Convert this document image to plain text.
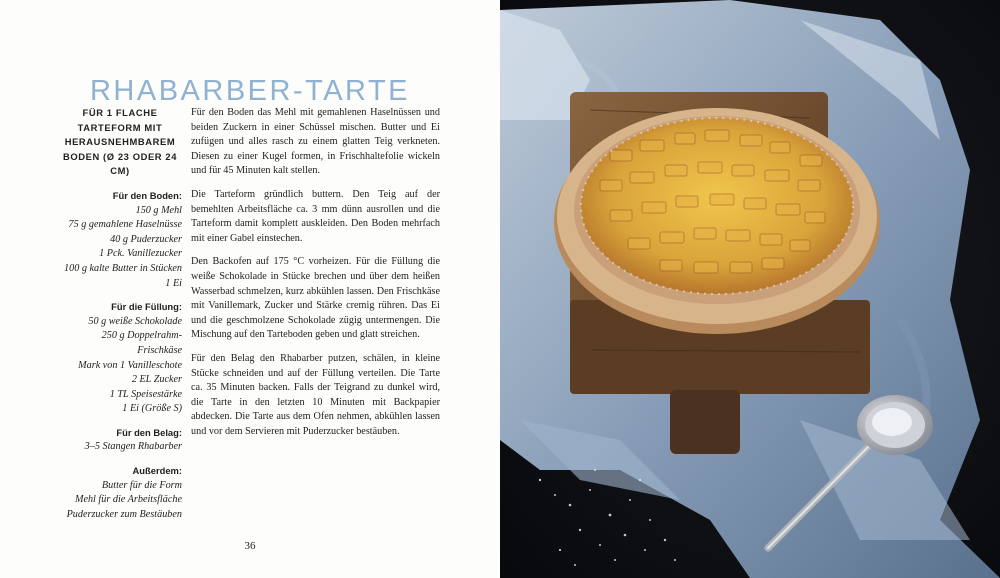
RHABARBER-TARTE
FÜR 1 FLACHE TARTEFORM MIT HERAUSNEHMBAREM BODEN (Ø 23 ODER 24 CM)
Für den Boden:
150 g Mehl
75 g gemahlene Haselnüsse
40 g Puderzucker
1 Pck. Vanillezucker
100 g kalte Butter in Stücken
1 Ei
Für die Füllung:
50 g weiße Schokolade
250 g Doppelrahm-Frischkäse
Mark von 1 Vanilleschote
2 EL Zucker
1 TL Speisestärke
1 Ei (Größe S)
Für den Belag:
3–5 Stangen Rhabarber
Außerdem:
Butter für die Form
Mehl für die Arbeitsfläche
Puderzucker zum Bestäuben

Für den Boden das Mehl mit gemahlenen Haselnüssen und beiden Zuckern in einer Schüssel mischen. Butter und Ei zufügen und alles rasch zu einem glatten Teig verkneten. Diesen zu einer Kugel formen, in Frischhaltefolie wickeln und für 45 Minuten kalt stellen.

Die Tarteform gründlich buttern. Den Teig auf der bemehlten Arbeitsfläche ca. 3 mm dünn ausrollen und die Tarteform damit komplett auskleiden. Den Boden mehrfach mit einer Gabel einstechen.

Den Backofen auf 175 °C vorheizen. Für die Füllung die weiße Schokolade in Stücke brechen und über dem heißen Wasserbad schmelzen, kurz abkühlen lassen. Den Frischkäse mit Vanillemark, Zucker und Stärke cremig rühren. Das Ei und die geschmolzene Schokolade zügig untermengen. Die Mischung auf den Tarteboden geben und glatt streichen.

Für den Belag den Rhabarber putzen, schälen, in kleine Stücke schneiden und auf der Füllung verteilen. Die Tarte ca. 35 Minuten backen. Falls der Teigrand zu dunkel wird, die Tarte in den letzten 10 Minuten mit Backpapier abdecken. Die Tarte aus dem Ofen nehmen, abkühlen lassen und vor dem Servieren mit Puderzucker bestäuben.

36
